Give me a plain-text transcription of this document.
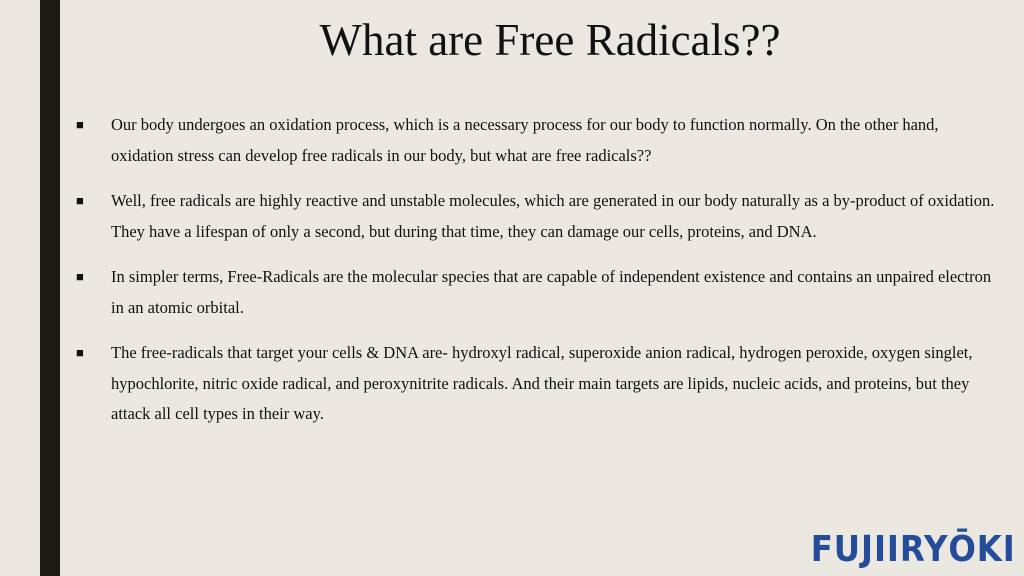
What are Free Radicals??
■ Our body undergoes an oxidation process, which is a necessary process for our body to function normally. On the other hand, oxidation stress can develop free radicals in our body, but what are free radicals??
■ Well, free radicals are highly reactive and unstable molecules, which are generated in our body naturally as a by-product of oxidation. They have a lifespan of only a second, but during that time, they can damage our cells, proteins, and DNA.
■ In simpler terms, Free-Radicals are the molecular species that are capable of independent existence and contains an unpaired electron in an atomic orbital.
■ The free-radicals that target your cells & DNA are- hydroxyl radical, superoxide anion radical, hydrogen peroxide, oxygen singlet, hypochlorite, nitric oxide radical, and peroxynitrite radicals. And their main targets are lipids, nucleic acids, and proteins, but they attack all cell types in their way.
FUJIIRYŌKI
